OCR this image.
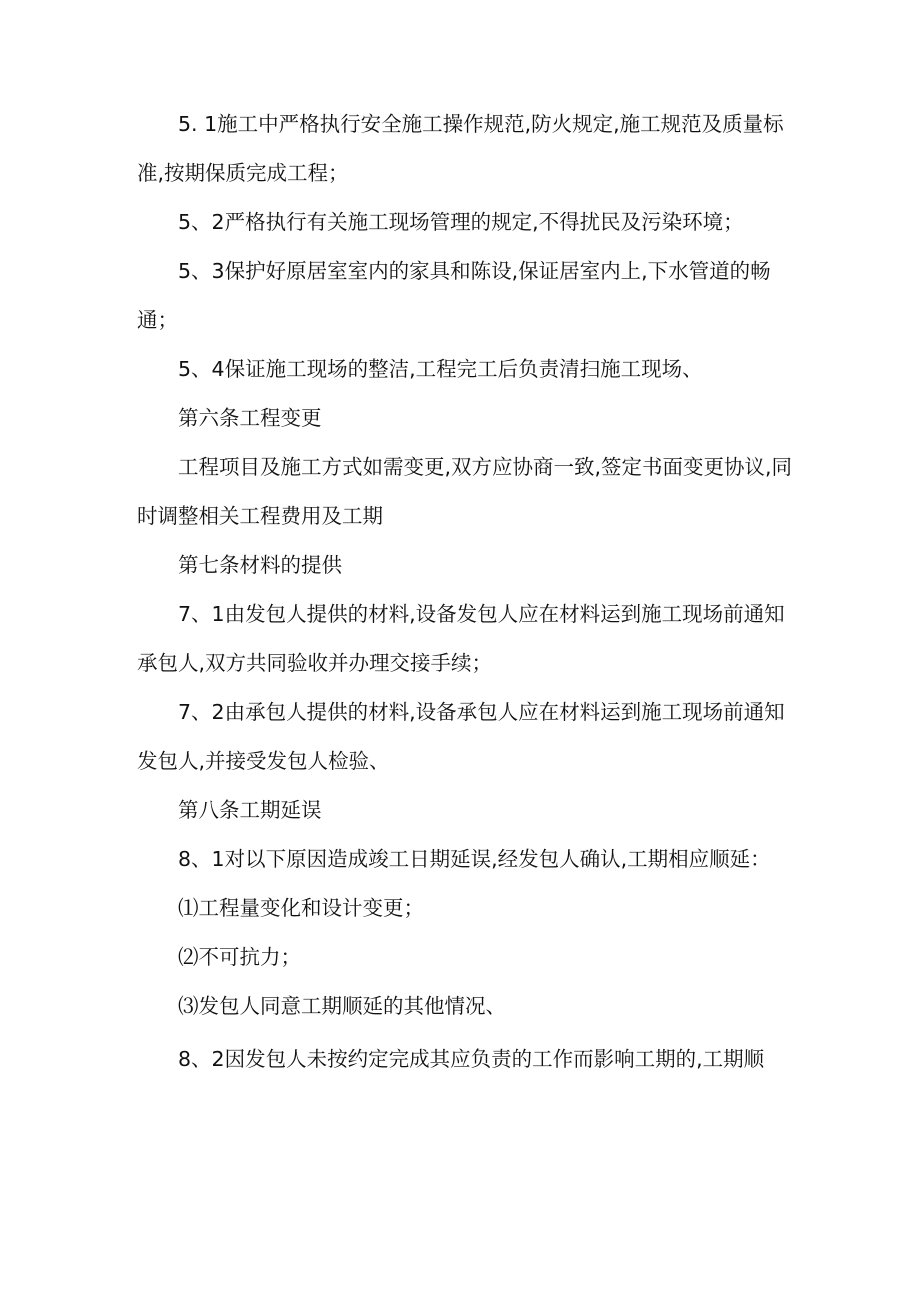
5. 1施工中严格执行安全施工操作规范,防火规定,施工规范及质量标准,按期保质完成工程；

5、2严格执行有关施工现场管理的规定,不得扰民及污染环境；

5、3保护好原居室室内的家具和陈设,保证居室内上,下水管道的畅通；

5、4保证施工现场的整洁,工程完工后负责清扫施工现场、

第六条工程变更

工程项目及施工方式如需变更,双方应协商一致,签定书面变更协议,同时调整相关工程费用及工期

第七条材料的提供

7、1由发包人提供的材料,设备发包人应在材料运到施工现场前通知承包人,双方共同验收并办理交接手续；

7、2由承包人提供的材料,设备承包人应在材料运到施工现场前通知发包人,并接受发包人检验、

第八条工期延误

8、1对以下原因造成竣工日期延误,经发包人确认,工期相应顺延：

⑴工程量变化和设计变更；

⑵不可抗力；

⑶发包人同意工期顺延的其他情况、

8、2因发包人未按约定完成其应负责的工作而影响工期的,工期顺
